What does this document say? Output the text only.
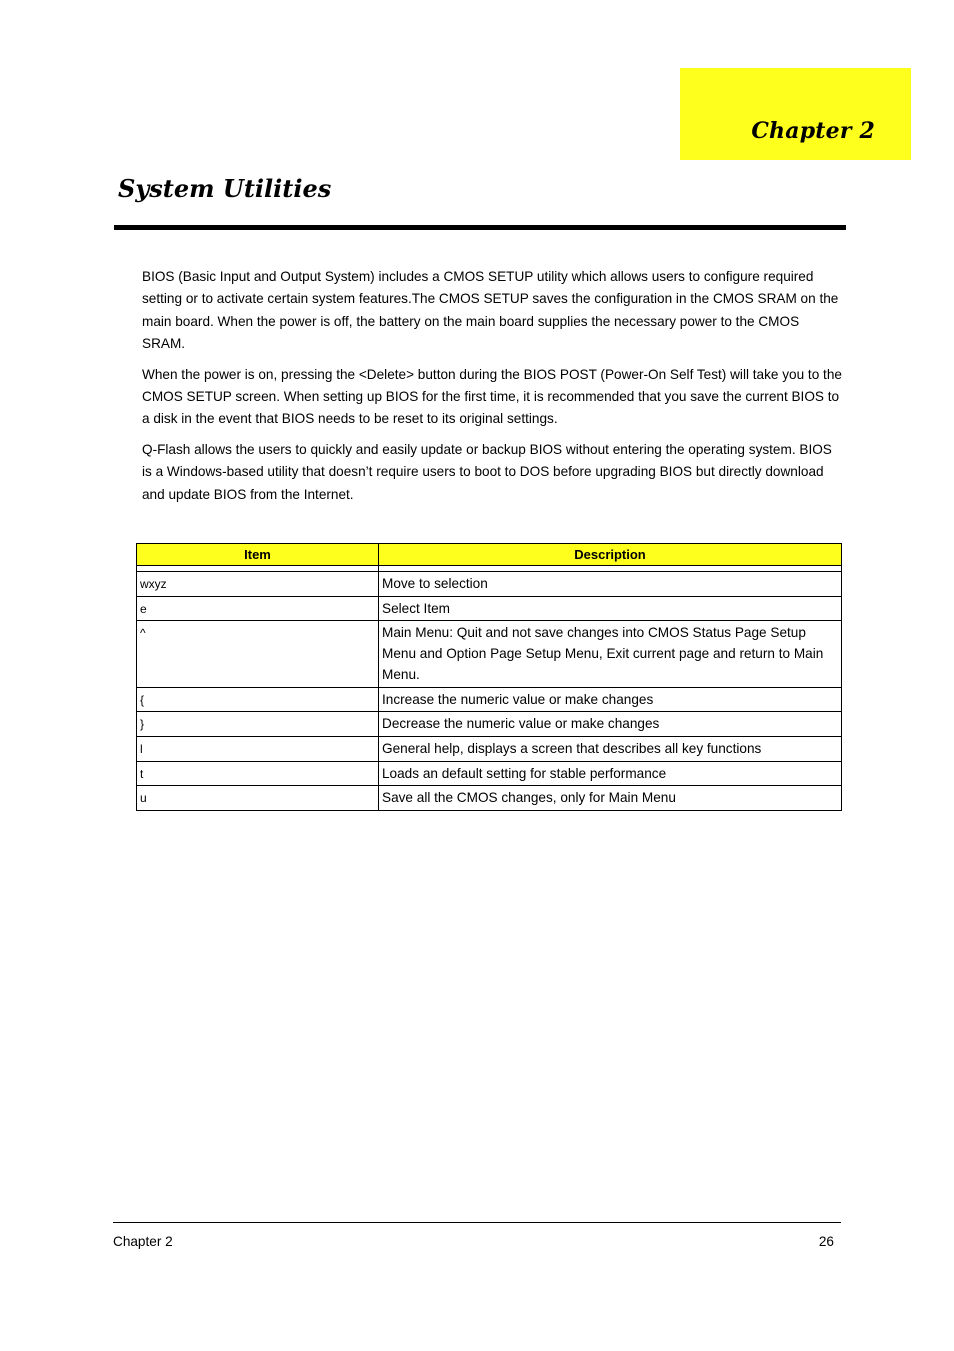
Chapter 2
System Utilities

BIOS (Basic Input and Output System) includes a CMOS SETUP utility which allows users to configure required setting or to activate certain system features.The CMOS SETUP saves the configuration in the CMOS SRAM on the main board. When the power is off, the battery on the main board supplies the necessary power to the CMOS SRAM.

When the power is on, pressing the <Delete> button during the BIOS POST (Power-On Self Test) will take you to the CMOS SETUP screen. When setting up BIOS for the first time, it is recommended that you save the current BIOS to a disk in the event that BIOS needs to be reset to its original settings.

Q-Flash allows the users to quickly and easily update or backup BIOS without entering the operating system. BIOS is a Windows-based utility that doesn’t require users to boot to DOS before upgrading BIOS but directly download and update BIOS from the Internet.

Item	Description

wxyz	Move to selection
e	Select Item
^	Main Menu: Quit and not save changes into CMOS Status Page Setup Menu and Option Page Setup Menu, Exit current page and return to Main Menu.
{	Increase the numeric value or make changes
}	Decrease the numeric value or make changes
l	General help, displays a screen that describes all key functions
t	Loads an default setting for stable performance
u	Save all the CMOS changes, only for Main Menu
Chapter 2	26
